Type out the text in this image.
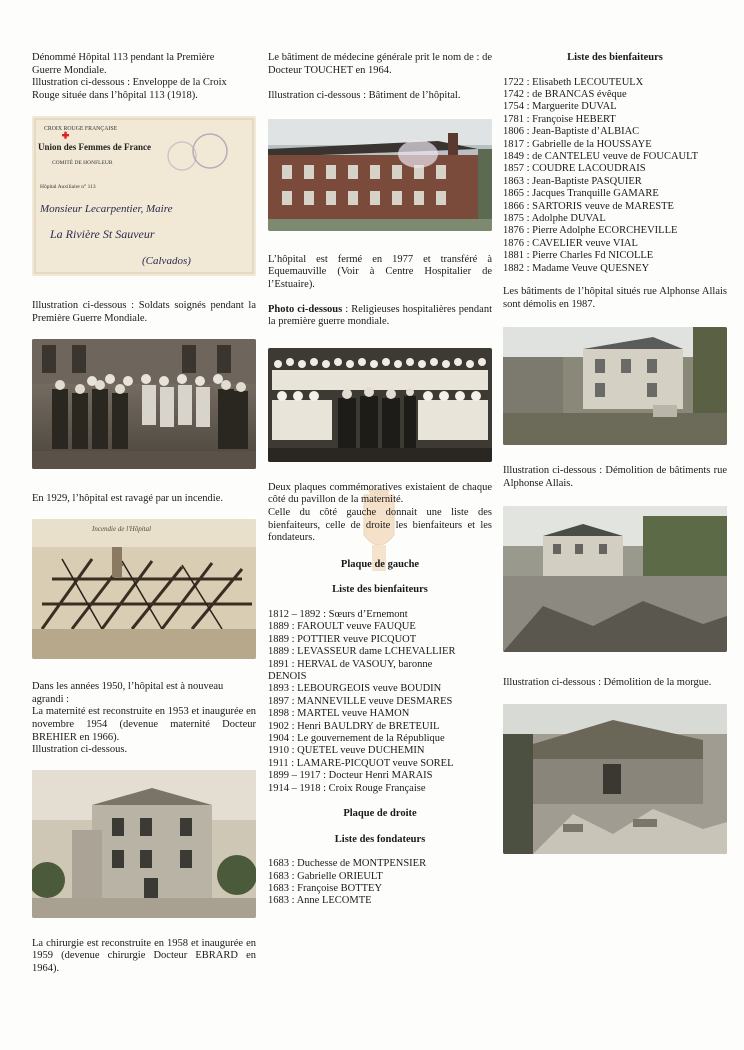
Dénommé Hôpital 113 pendant la Première
Guerre Mondiale.
Illustration ci-dessous : Enveloppe de la Croix
Rouge située dans l’hôpital 113 (1918).

CROIX ROUGE FRANÇAISE
Union des Femmes de France
COMITÉ DE HONFLEUR
Hôpital Auxiliaire n° 113
Monsieur Lecarpentier, Maire
La Rivière St Sauveur
(Calvados)

Illustration ci-dessous : Soldats soignés pendant la Première Guerre Mondiale.

En 1929, l’hôpital est ravagé par un incendie.

Incendie de l'Hôpital

Dans les années 1950, l’hôpital est à nouveau
agrandi :
La maternité est reconstruite en 1953 et inaugurée en novembre 1954 (devenue maternité Docteur BREHIER en 1966).
Illustration ci-dessous.

La chirurgie est reconstruite en 1958 et inaugurée en 1959 (devenue chirurgie Docteur EBRARD en 1964).

Le bâtiment de médecine générale prit le nom de : de Docteur TOUCHET en 1964.

Illustration ci-dessous : Bâtiment de l’hôpital.

L’hôpital est fermé en 1977 et transféré à Equemauville (Voir à Centre Hospitalier de l’Estuaire).

Photo ci-dessous : Religieuses hospitalières pendant la première guerre mondiale.

Deux plaques commémoratives existaient de chaque côté du pavillon de la maternité.
Celle du côté gauche donnait une liste des bienfaiteurs, celle de droite les bienfaiteurs et les fondateurs.

Plaque de gauche

Liste des bienfaiteurs

1812 – 1892 : Sœurs d’Ernemont
1889 : FAROULT veuve FAUQUE
1889 : POTTIER veuve PICQUOT
1889 : LEVASSEUR dame LCHEVALLIER
1891 : HERVAL de VASOUY, baronne
DENOIS
1893 : LEBOURGEOIS veuve BOUDIN
1897 : MANNEVILLE veuve DESMARES
1898 : MARTEL veuve HAMON
1902 : Henri BAULDRY de BRETEUIL
1904 : Le gouvernement de la République
1910 : QUETEL veuve DUCHEMIN
1911 : LAMARE-PICQUOT veuve SOREL
1899 – 1917 : Docteur Henri MARAIS
1914 – 1918 : Croix Rouge Française

Plaque de droite

Liste des fondateurs

1683 : Duchesse de MONTPENSIER
1683 : Gabrielle ORIEULT
1683 : Françoise BOTTEY
1683 : Anne LECOMTE

Liste des bienfaiteurs

1722 : Elisabeth LECOUTEULX
1742 : de BRANCAS évêque
1754 : Marguerite DUVAL
1781 : Françoise HEBERT
1806 : Jean-Baptiste d’ALBIAC
1817 : Gabrielle de la HOUSSAYE
1849 : de CANTELEU veuve de FOUCAULT
1857 : COUDRE LACOUDRAIS
1863 : Jean-Baptiste PASQUIER
1865 : Jacques Tranquille GAMARE
1866 : SARTORIS veuve de MARESTE
1875 : Adolphe DUVAL
1876 : Pierre Adolphe ECORCHEVILLE
1876 : CAVELIER veuve VIAL
1881 : Pierre Charles Fd NICOLLE
1882 : Madame Veuve QUESNEY

Les bâtiments de l’hôpital situés rue Alphonse Allais sont démolis en 1987.

Illustration ci-dessous : Démolition de bâtiments rue Alphonse Allais.

Illustration ci-dessous : Démolition de la morgue.
